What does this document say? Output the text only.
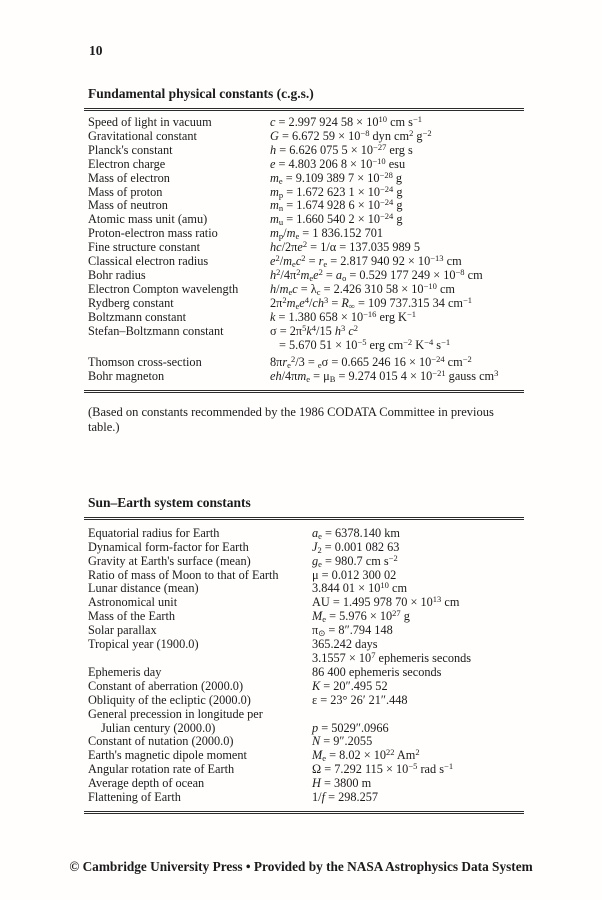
10
Fundamental physical constants (c.g.s.)
Speed of light in vacuum	c = 2.997 924 $58 \times 10^{10}$ cm $s^{-1}$
Gravitational constant	G = 6.672 $59 \times 10^{-8}$ dyn $cm^2$ $g^{-2}$
Planck's constant	h = 6.626 075 $5 \times 10^{-27}$ erg s
Electron charge	e = 4.803 206 $8 \times 10^{-10}$ esu
Mass of electron	$m_e = 9.109$ 389 $7 \times 10^{-28}$ g
Mass of proton	$m_p = 1.672$ 623 $1 \times 10^{-24}$ g
Mass of neutron	$m_n = 1.674$ 928 $6 \times 10^{-24}$ g
Atomic mass unit (amu)	$m_u = 1.660$ 540 $2 \times 10^{-24}$ g
Proton-electron mass ratio	$m_p/m_e = 1$ 836.152 701
Fine structure constant	$hc/2\pi e^2 = 1/\alpha = 137.035$ 989 5
Classical electron radius	$e^2/m_ec^2 = r_e = 2.817$ 940 $92 \times 10^{-13}$ cm
Bohr radius	$h^2/4\pi^2m_ee^2 = a_o = 0.529$ 177 $249 \times 10^{-8}$ cm
Electron Compton wavelength	$h/m_ec = \lambda_c = 2.426$ 310 $58 \times 10^{-10}$ cm
Rydberg constant	$2\pi^2m_ee^4/ch^3 = R_\infty = 109$ 737.315 34 $cm^{-1}$
Boltzmann constant	k = 1.380 $658 \times 10^{-16}$ erg $K^{-1}$
Stefan–Boltzmann constant	$\sigma = 2\pi^5k^4/15$ $h^3$ $c^2$
= 5.670 $51 \times 10^{-5}$ erg $cm^{-2}$ $K^{-4}$ $s^{-1}$
Thomson cross-section	$8\pi r_e^2/3 = _e\sigma = 0.665$ 246 $16 \times 10^{-24}$ $cm^{-2}$
Bohr magneton	$eh/4\pi m_e = \mu_B = 9.274$ 015 $4 \times 10^{-21}$ gauss $cm^3$

(Based on constants recommended by the 1986 CODATA Committee in previous table.)

Sun–Earth system constants
Equatorial radius for Earth	$a_e = 6378.140$ km
Dynamical form-factor for Earth	$J_2 = 0.001$ 082 63
Gravity at Earth's surface (mean)	$g_e = 980.7$ cm $s^{-2}$
Ratio of mass of Moon to that of Earth	μ = 0.012 300 02
Lunar distance (mean)	3.844 $01 \times 10^{10}$ cm
Astronomical unit	AU = 1.495 978 $70 \times 10^{13}$ cm
Mass of the Earth	$M_e = 5.976 \times 10^{27}$ g
Solar parallax	$\pi_⊙ = 8''.794$ 148
Tropical year (1900.0)	365.242 days
$3.1557 \times 10^7$ ephemeris seconds
Ephemeris day	86 400 ephemeris seconds
Constant of aberration (2000.0)	K = 20″.495 52
Obliquity of the ecliptic (2000.0)	ε = 23° 26′ 21″.448
General precession in longitude per
Julian century (2000.0)	p = 5029″.0966
Constant of nutation (2000.0)	N = 9″.2055
Earth's magnetic dipole moment	$M_e = 8.02 \times 10^{22}$ Am$^2$
Angular rotation rate of Earth	Ω = 7.292 $115 \times 10^{-5}$ rad $s^{-1}$
Average depth of ocean	H = 3800 m
Flattening of Earth	1/f = 298.257
© Cambridge University Press • Provided by the NASA Astrophysics Data System
